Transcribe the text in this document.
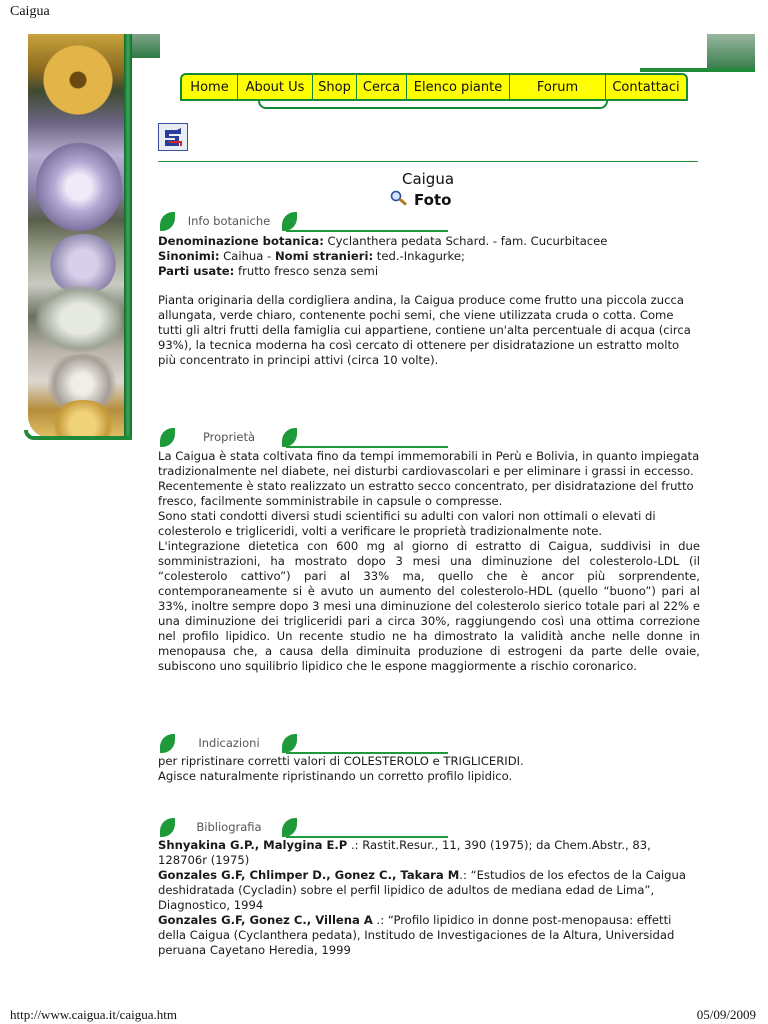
Caigua
Home	About Us	Shop Cerca	Elenco piante	Forum	Contattaci
Caigua
Foto
Info botaniche

Denominazione botanica: Cyclanthera pedata Schard. - fam. Cucurbitacee

Sinonimi: Caihua - Nomi stranieri: ted.-Inkagurke;

Parti usate: frutto fresco senza semi

Pianta originaria della cordigliera andina, la Caigua produce come frutto una piccola zucca allungata, verde chiaro, contenente pochi semi, che viene utilizzata cruda o cotta. Come tutti gli altri frutti della famiglia cui appartiene, contiene un'alta percentuale di acqua (circa 93%), la tecnica moderna ha così cercato di ottenere per disidratazione un estratto molto più concentrato in principi attivi (circa 10 volte).
Proprietà

La Caigua è stata coltivata fino da tempi immemorabili in Perù e Bolivia, in quanto impiegata tradizionalmente nel diabete, nei disturbi cardiovascolari e per eliminare i grassi in eccesso.

Recentemente è stato realizzato un estratto secco concentrato, per disidratazione del frutto fresco, facilmente somministrabile in capsule o compresse.

Sono stati condotti diversi studi scientifici su adulti con valori non ottimali o elevati di colesterolo e trigliceridi, volti a verificare le proprietà tradizionalmente note.

L'integrazione dietetica con 600 mg al giorno di estratto di Caigua, suddivisi in due somministrazioni, ha mostrato dopo 3 mesi una diminuzione del colesterolo-LDL (il “colesterolo cattivo”) pari al 33% ma, quello che è ancor più sorprendente, contemporaneamente si è avuto un aumento del colesterolo-HDL (quello “buono”) pari al 33%, inoltre sempre dopo 3 mesi una diminuzione del colesterolo sierico totale pari al 22% e una diminuzione dei trigliceridi pari a circa 30%, raggiungendo così una ottima correzione nel profilo lipidico. Un recente studio ne ha dimostrato la validità anche nelle donne in menopausa che, a causa della diminuita produzione di estrogeni da parte delle ovaie, subiscono uno squilibrio lipidico che le espone maggiormente a rischio coronarico.

Indicazioni

per ripristinare corretti valori di COLESTEROLO e TRIGLICERIDI.

Agisce naturalmente ripristinando un corretto profilo lipidico.

Bibliografia

Shnyakina G.P., Malygina E.P .: Rastit.Resur., 11, 390 (1975); da Chem.Abstr., 83, 128706r (1975)

Gonzales G.F, Chlimper D., Gonez C., Takara M.: “Estudios de los efectos de la Caigua deshidratada (Cycladin) sobre el perfil lipidico de adultos de mediana edad de Lima”, Diagnostico, 1994

Gonzales G.F, Gonez C., Villena A .: “Profilo lipidico in donne post-menopausa: effetti della Caigua (Cyclanthera pedata), Institudo de Investigaciones de la Altura, Universidad peruana Cayetano Heredia, 1999

http://www.caigua.it/caigua.htm	05/09/2009
